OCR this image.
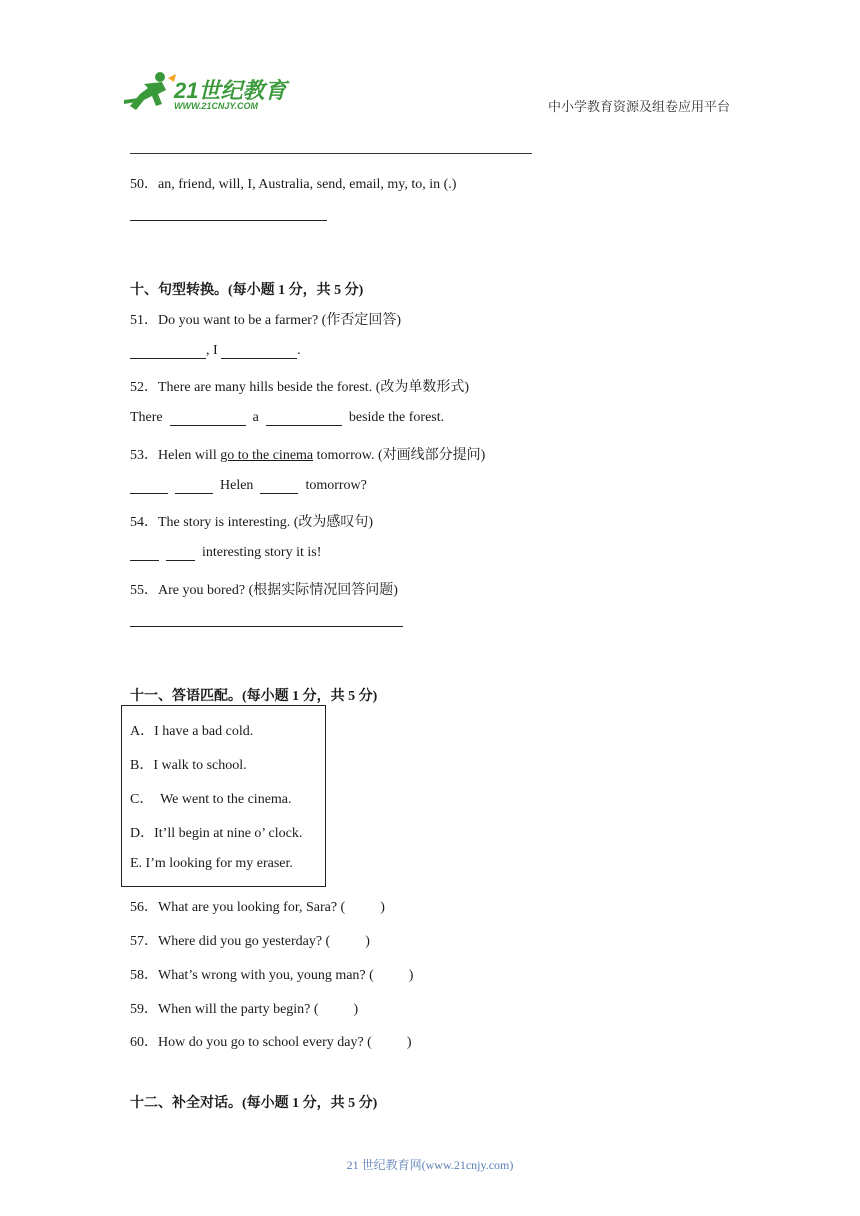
21世纪教育
WWW.21CNJY.COM	中小学教育资源及组卷应用平台
50．an, friend, will, I, Australia, send, email, my, to, in (.)
十、句型转换。(每小题 1 分，共 5 分)
51．Do you want to be a farmer? (作否定回答)
, I	.
52．There are many hills beside the forest. (改为单数形式)
There	a	beside the forest.
53．Helen will go to the cinema tomorrow. (对画线部分提问)
Helen	tomorrow?
54．The story is interesting. (改为感叹句)
interesting story it is!
55．Are you bored? (根据实际情况回答问题)
十一、答语匹配。(每小题 1 分，共 5 分)
A．I have a bad cold.
B．I walk to school.
C．  We went to the cinema.
D．It’ll begin at nine o’ clock.
E. I’m looking for my eraser.
56．What are you looking for, Sara? (          )
57．Where did you go yesterday? (          )
58．What’s wrong with you, young man? (          )
59．When will the party begin? (          )
60．How do you go to school every day? (          )
十二、补全对话。(每小题 1 分，共 5 分)
21 世纪教育网(www.21cnjy.com)
